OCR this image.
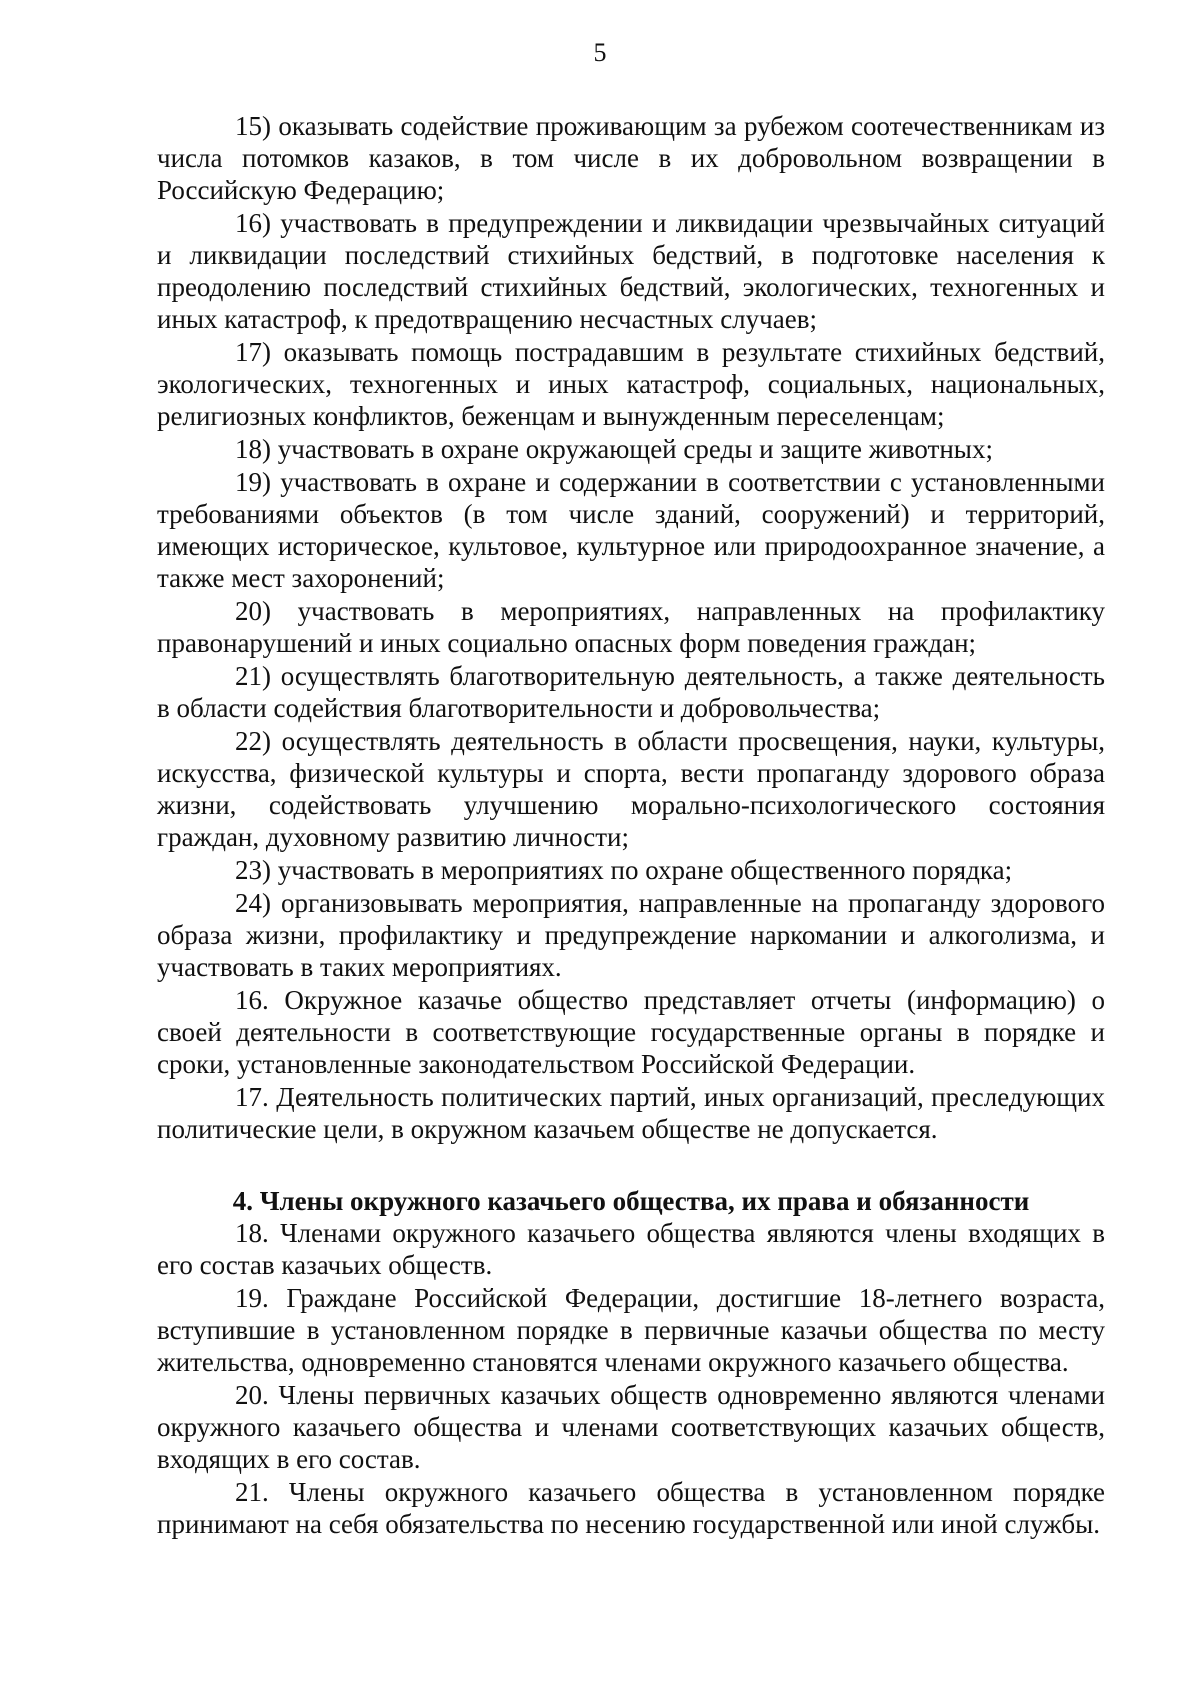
5

15) оказывать содействие проживающим за рубежом соотечественникам из числа потомков казаков, в том числе в их добровольном возвращении в Российскую Федерацию;

16) участвовать в предупреждении и ликвидации чрезвычайных ситуаций и ликвидации последствий стихийных бедствий, в подготовке населения к преодолению последствий стихийных бедствий, экологических, техногенных и иных катастроф, к предотвращению несчастных случаев;

17) оказывать помощь пострадавшим в результате стихийных бедствий, экологических, техногенных и иных катастроф, социальных, национальных, религиозных конфликтов, беженцам и вынужденным переселенцам;

18) участвовать в охране окружающей среды и защите животных;

19) участвовать в охране и содержании в соответствии с установленными требованиями объектов (в том числе зданий, сооружений) и территорий, имеющих историческое, культовое, культурное или природоохранное значение, а также мест захоронений;

20) участвовать в мероприятиях, направленных на профилактику правонарушений и иных социально опасных форм поведения граждан;

21) осуществлять благотворительную деятельность, а также деятельность в области содействия благотворительности и добровольчества;

22) осуществлять деятельность в области просвещения, науки, культуры, искусства, физической культуры и спорта, вести пропаганду здорового образа жизни, содействовать улучшению морально-психологического состояния граждан, духовному развитию личности;

23) участвовать в мероприятиях по охране общественного порядка;

24) организовывать мероприятия, направленные на пропаганду здорового образа жизни, профилактику и предупреждение наркомании и алкоголизма, и участвовать в таких мероприятиях.

16. Окружное казачье общество представляет отчеты (информацию) о своей деятельности в соответствующие государственные органы в порядке и сроки, установленные законодательством Российской Федерации.

17. Деятельность политических партий, иных организаций, преследующих политические цели, в окружном казачьем обществе не допускается.

4. Члены окружного казачьего общества, их права и обязанности

18. Членами окружного казачьего общества являются члены входящих в его состав казачьих обществ.

19. Граждане Российской Федерации, достигшие 18-летнего возраста, вступившие в установленном порядке в первичные казачьи общества по месту жительства, одновременно становятся членами окружного казачьего общества.

20. Члены первичных казачьих обществ одновременно являются членами окружного казачьего общества и членами соответствующих казачьих обществ, входящих в его состав.

21. Члены окружного казачьего общества в установленном порядке принимают на себя обязательства по несению государственной или иной службы.
